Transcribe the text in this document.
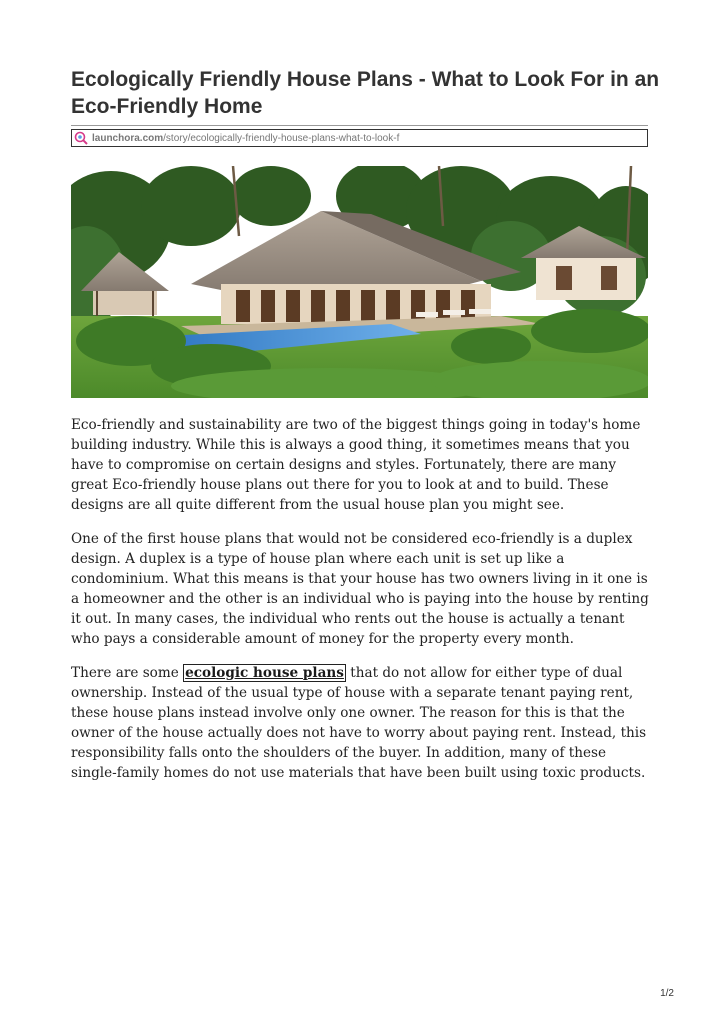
Ecologically Friendly House Plans - What to Look For in an Eco-Friendly Home
launchora.com /story/ecologically-friendly-house-plans-what-to-look-f

Eco-friendly and sustainability are two of the biggest things going in today's home building industry. While this is always a good thing, it sometimes means that you have to compromise on certain designs and styles. Fortunately, there are many great Eco-friendly house plans out there for you to look at and to build. These designs are all quite different from the usual house plan you might see.

One of the first house plans that would not be considered eco-friendly is a duplex design. A duplex is a type of house plan where each unit is set up like a condominium. What this means is that your house has two owners living in it one is a homeowner and the other is an individual who is paying into the house by renting it out. In many cases, the individual who rents out the house is actually a tenant who pays a considerable amount of money for the property every month.

There are some ecologic house plans that do not allow for either type of dual ownership. Instead of the usual type of house with a separate tenant paying rent, these house plans instead involve only one owner. The reason for this is that the owner of the house actually does not have to worry about paying rent. Instead, this responsibility falls onto the shoulders of the buyer. In addition, many of these single-family homes do not use materials that have been built using toxic products.

1/2
